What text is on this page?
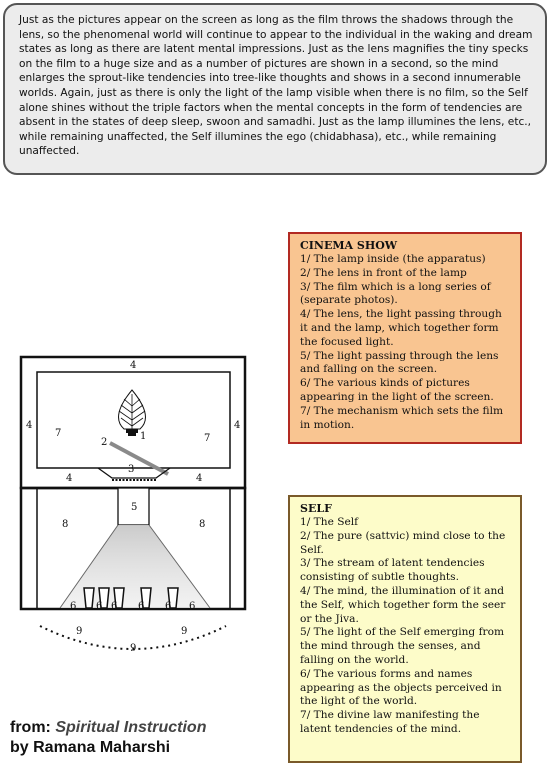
Just as the pictures appear on the screen as long as the film throws the shadows through the lens, so the phenomenal world will continue to appear to the individual in the waking and dream states as long as there are latent mental impressions. Just as the lens magnifies the tiny specks on the film to a huge size and as a number of pictures are shown in a second, so the mind enlarges the sprout-like tendencies into tree-like thoughts and shows in a second innumerable worlds. Again, just as there is only the light of the lamp visible when there is no film, so the Self alone shines without the triple factors when the mental concepts in the form of tendencies are absent in the states of deep sleep, swoon and samadhi. Just as the lamp illumines the lens, etc., while remaining unaffected, the Self illumines the ego (chidabhasa), etc., while remaining unaffected.

CINEMA SHOW
1/ The lamp inside (the apparatus)
2/ The lens in front of the lamp
3/ The film which is a long series of (separate photos).
4/ The lens, the light passing through it and the lamp, which together form the focused light.
5/ The light passing through the lens and falling on the screen.
6/ The various kinds of pictures appearing in the light of the screen.
7/ The mechanism which sets the film in motion.
SELF
1/ The Self
2/ The pure (sattvic) mind close to the Self.
3/ The stream of latent tendencies consisting of subtle thoughts.
4/ The mind, the illumination of it and the Self, which together form the seer or the Jiva.
5/ The light of the Self emerging from the mind through the senses, and falling on the world.
6/ The various forms and names appearing as the objects perceived in the light of the world.
7/ The divine law manifesting the latent tendencies of the mind.
1
2
3
4
4	4
4	4
5
6 6 6 6 6 6
7	7
8	8
9
9
9
from: Spiritual Instruction
by Ramana Maharshi
